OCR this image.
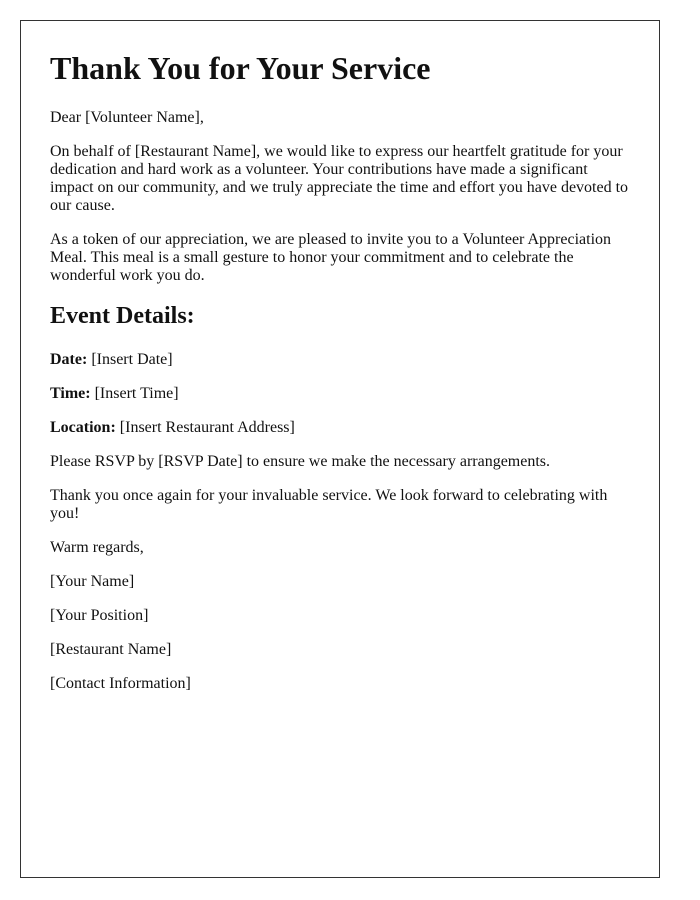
Thank You for Your Service

Dear [Volunteer Name],

On behalf of [Restaurant Name], we would like to express our heartfelt gratitude for your dedication and hard work as a volunteer. Your contributions have made a significant impact on our community, and we truly appreciate the time and effort you have devoted to our cause.

As a token of our appreciation, we are pleased to invite you to a Volunteer Appreciation Meal. This meal is a small gesture to honor your commitment and to celebrate the wonderful work you do.

Event Details:

Date: [Insert Date]

Time: [Insert Time]

Location: [Insert Restaurant Address]

Please RSVP by [RSVP Date] to ensure we make the necessary arrangements.

Thank you once again for your invaluable service. We look forward to celebrating with you!

Warm regards,

[Your Name]

[Your Position]

[Restaurant Name]

[Contact Information]
